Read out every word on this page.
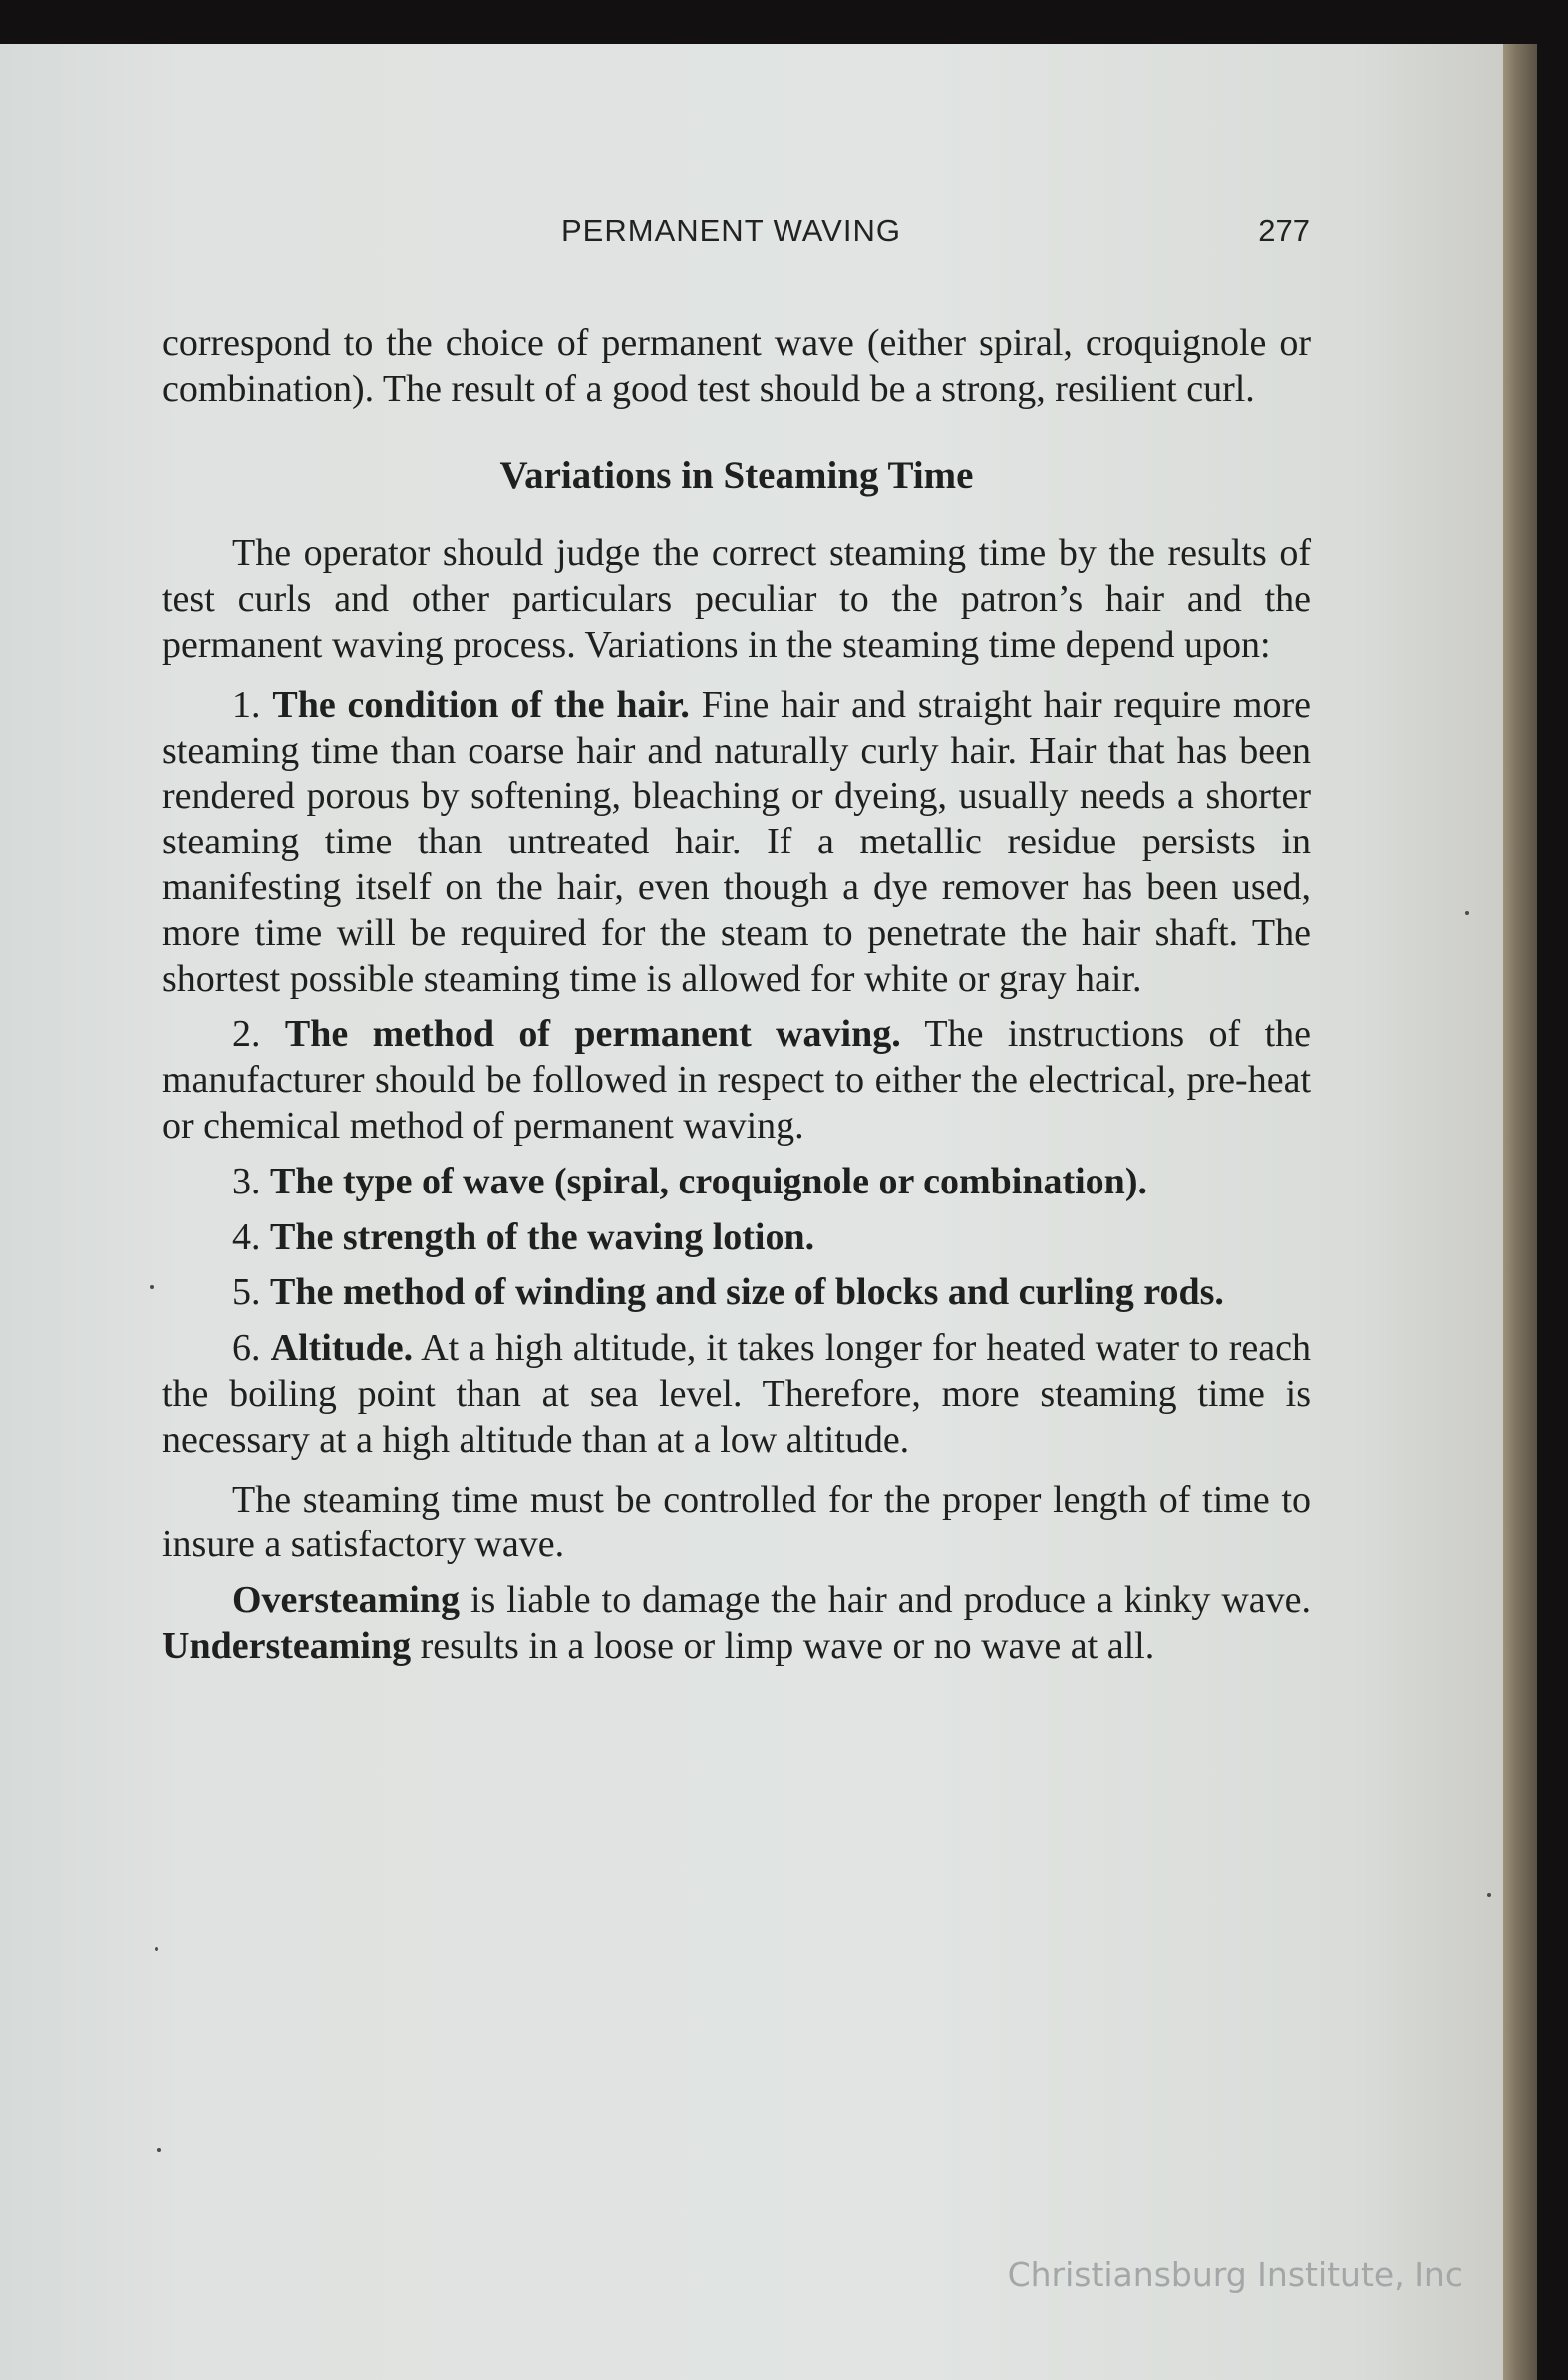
PERMANENT WAVING	277

correspond to the choice of permanent wave (either spiral, croquignole or combination). The result of a good test should be a strong, resilient curl.

Variations in Steaming Time

The operator should judge the correct steaming time by the results of test curls and other particulars peculiar to the patron’s hair and the permanent waving process. Variations in the steaming time depend upon:

1. The condition of the hair. Fine hair and straight hair require more steaming time than coarse hair and naturally curly hair. Hair that has been rendered porous by softening, bleaching or dyeing, usually needs a shorter steaming time than untreated hair. If a metallic residue persists in manifesting itself on the hair, even though a dye remover has been used, more time will be required for the steam to penetrate the hair shaft. The shortest possible steaming time is allowed for white or gray hair.

2. The method of permanent waving. The instructions of the manufacturer should be followed in respect to either the electrical, pre-heat or chemical method of permanent waving.

3. The type of wave (spiral, croquignole or combination).

4. The strength of the waving lotion.

5. The method of winding and size of blocks and curling rods.

6. Altitude. At a high altitude, it takes longer for heated water to reach the boiling point than at sea level. Therefore, more steaming time is necessary at a high altitude than at a low altitude.

The steaming time must be controlled for the proper length of time to insure a satisfactory wave.

Oversteaming is liable to damage the hair and produce a kinky wave. Understeaming results in a loose or limp wave or no wave at all.

Christiansburg Institute, Inc
